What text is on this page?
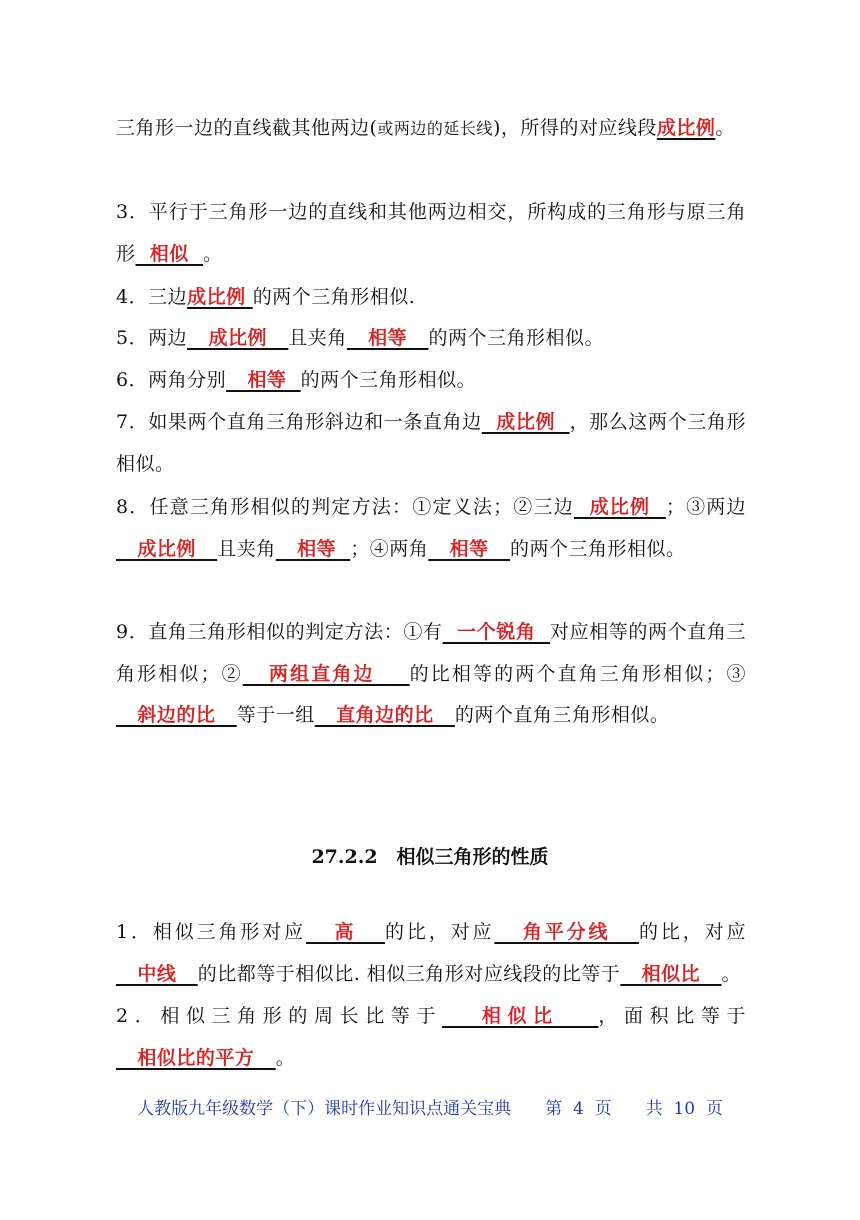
三角形一边的直线截其他两边(或两边的延长线)，所得的对应线段成比例。
3．平行于三角形一边的直线和其他两边相交，所构成的三角形与原三角形  相似  。
4．三边成比例 的两个三角形相似.
5．两边   成比例   且夹角   相等   的两个三角形相似。
6．两角分别   相等  的两个三角形相似。
7．如果两个直角三角形斜边和一条直角边  成比例  ，那么这两个三角形相似。
8．任意三角形相似的判定方法：①定义法；②三边  成比例  ；③两边   成比例   且夹角   相等  ；④两角   相等   的两个三角形相似。
9．直角三角形相似的判定方法：①有  一个锐角  对应相等的两个直角三角形相似；②   两组直角边    的比相等的两个直角三角形相似；③   斜边的比   等于一组   直角边的比   的两个直角三角形相似。
27.2.2　相似三角形的性质
1．相似三角形对应   高   的比，对应   角平分线   的比，对应   中线   的比都等于相似比. 相似三角形对应线段的比等于   相似比   。
2．相似三角形的周长比等于   相似比   ，面积比等于   相似比的平方   。
人教版九年级数学（下）课时作业知识点通关宝典　　第  4  页　　共  10  页
